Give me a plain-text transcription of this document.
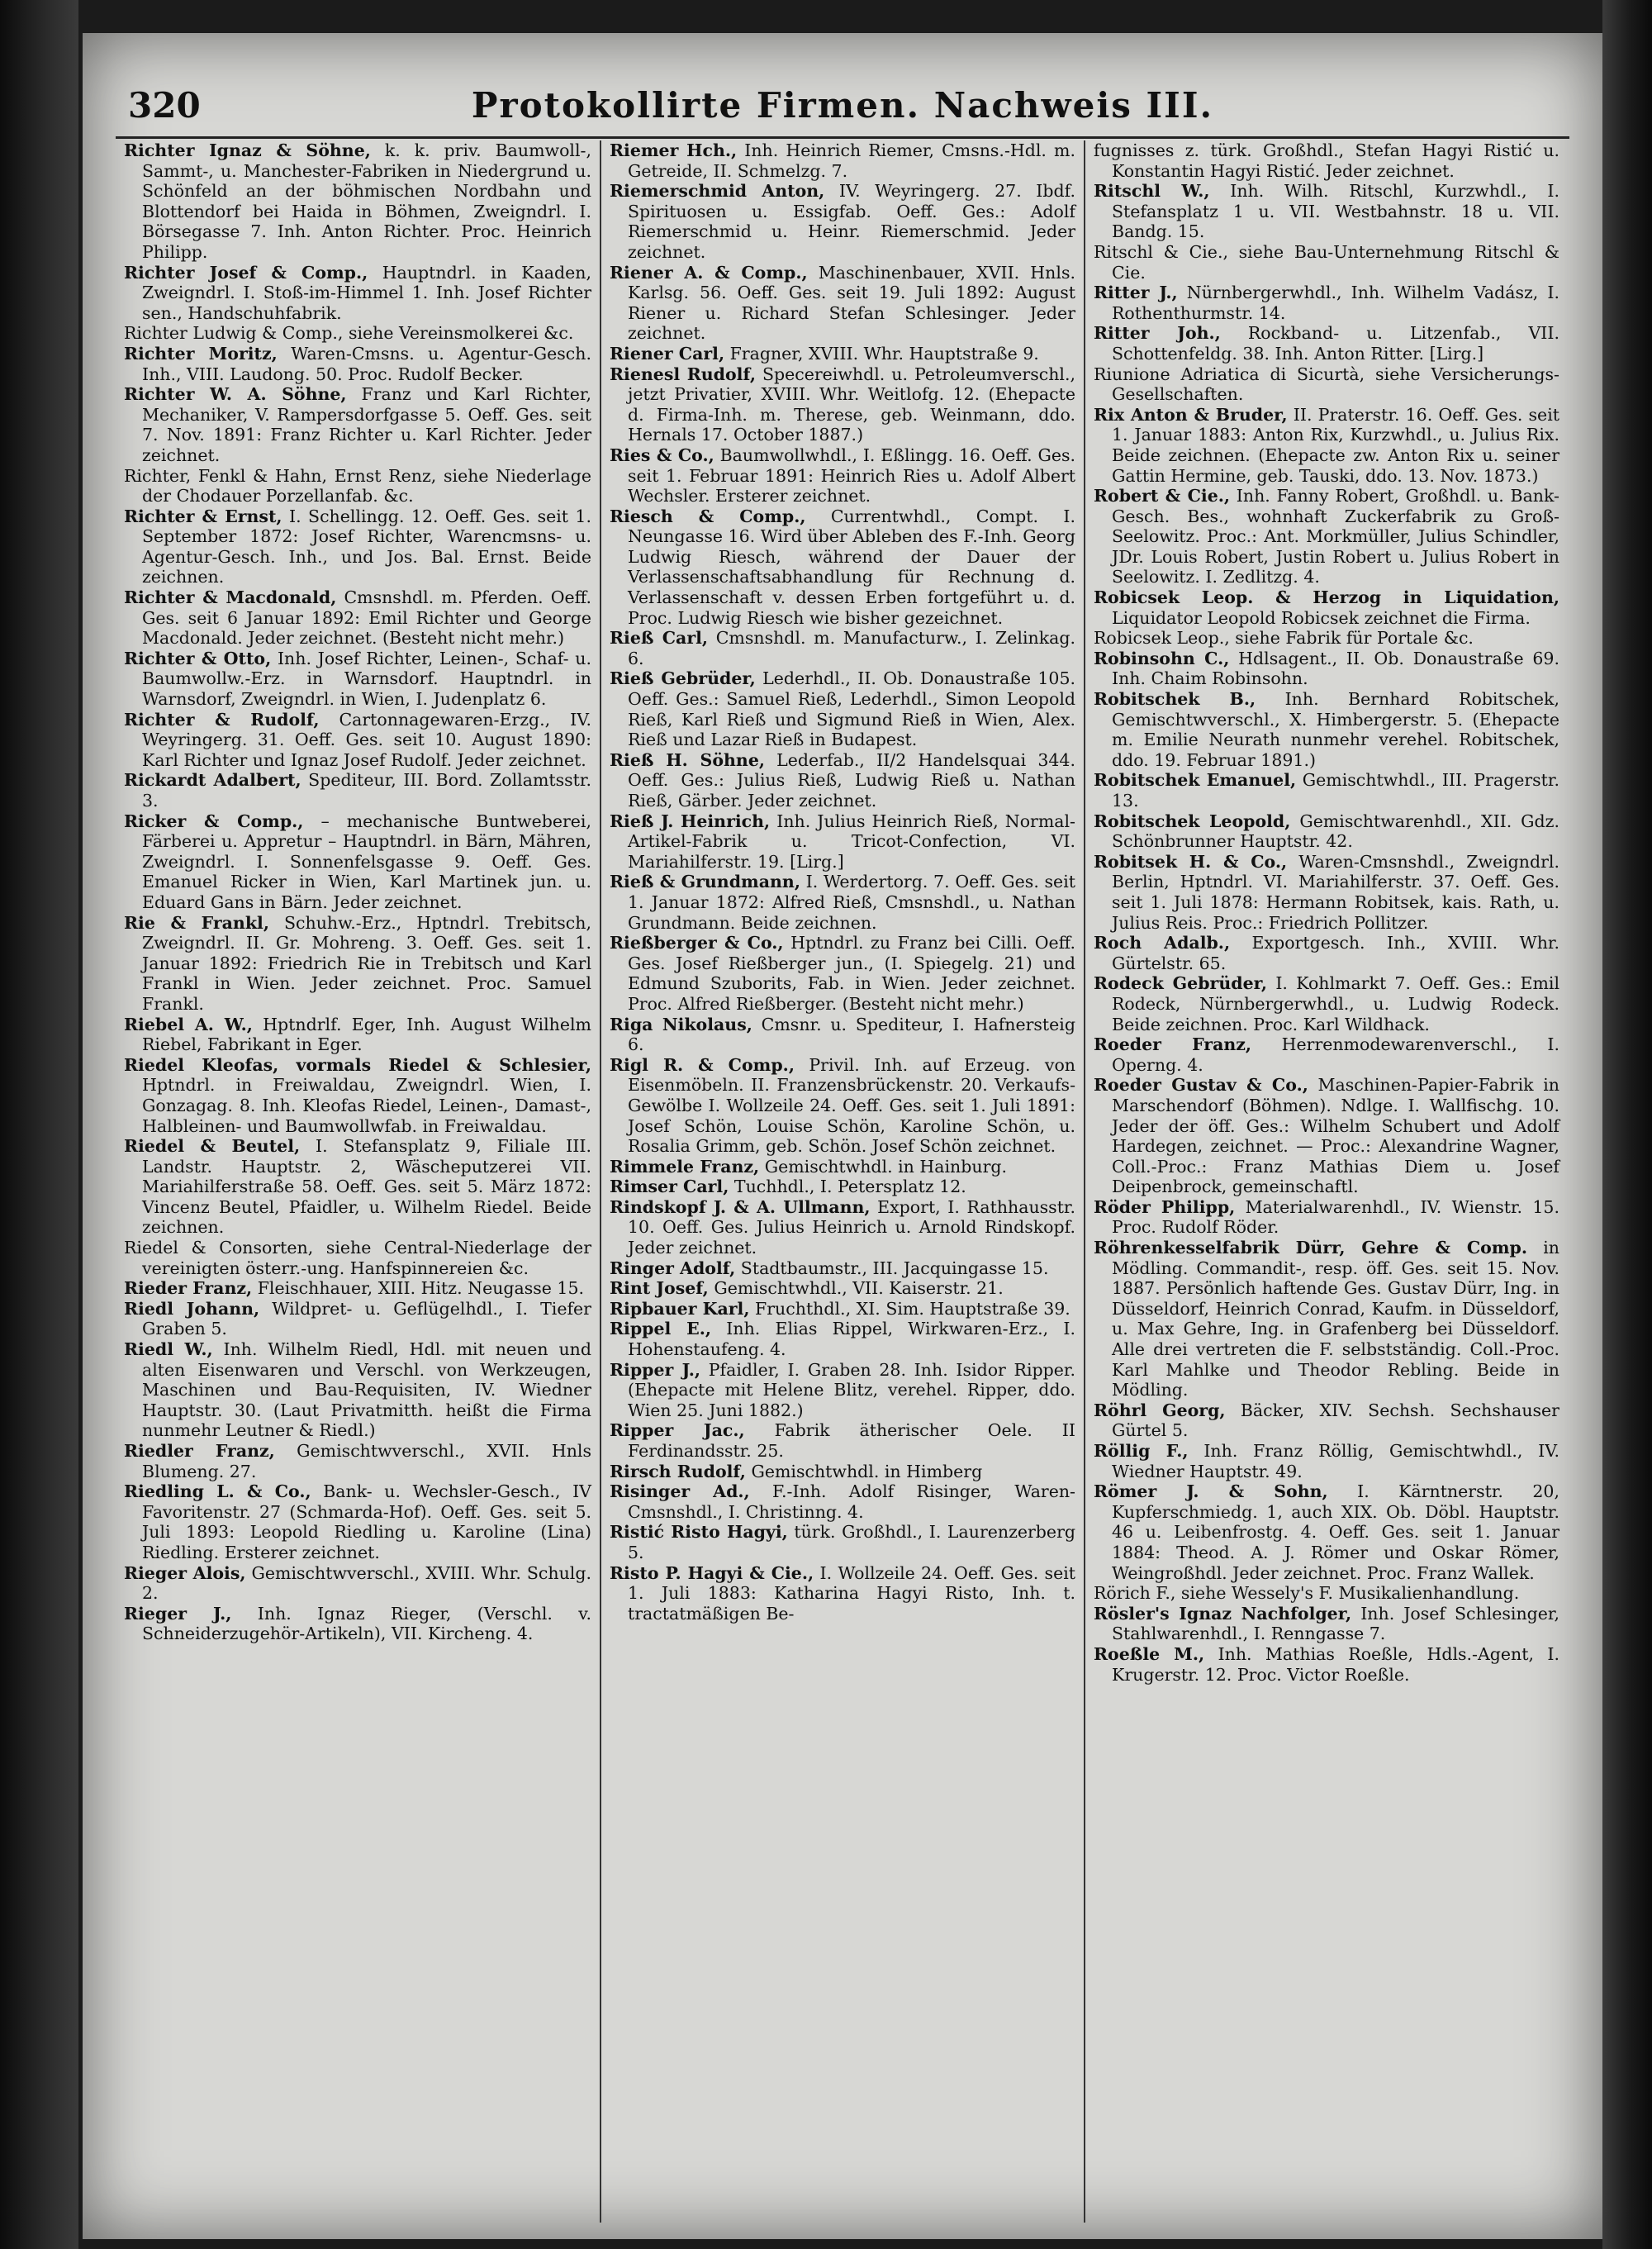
320	Protokollirte Firmen. Nachweis III.

Richter Ignaz & Söhne, k. k. priv. Baumwoll-, Sammt-, u. Manchester-Fabriken in Niedergrund u. Schönfeld an der böhmischen Nordbahn und Blottendorf bei Haida in Böhmen, Zweigndrl. I. Börsegasse 7. Inh. Anton Richter. Proc. Heinrich Philipp.

Richter Josef & Comp., Hauptndrl. in Kaaden, Zweigndrl. I. Stoß-im-Himmel 1. Inh. Josef Richter sen., Handschuhfabrik.

Richter Ludwig & Comp., siehe Vereinsmolkerei &c.

Richter Moritz, Waren-Cmsns. u. Agentur-Gesch. Inh., VIII. Laudong. 50. Proc. Rudolf Becker.

Richter W. A. Söhne, Franz und Karl Richter, Mechaniker, V. Rampersdorfgasse 5. Oeff. Ges. seit 7. Nov. 1891: Franz Richter u. Karl Richter. Jeder zeichnet.

Richter, Fenkl & Hahn, Ernst Renz, siehe Niederlage der Chodauer Porzellanfab. &c.

Richter & Ernst, I. Schellingg. 12. Oeff. Ges. seit 1. September 1872: Josef Richter, Warencmsns- u. Agentur-Gesch. Inh., und Jos. Bal. Ernst. Beide zeichnen.

Richter & Macdonald, Cmsnshdl. m. Pferden. Oeff. Ges. seit 6 Januar 1892: Emil Richter und George Macdonald. Jeder zeichnet. (Besteht nicht mehr.)

Richter & Otto, Inh. Josef Richter, Leinen-, Schaf- u. Baumwollw.-Erz. in Warnsdorf. Hauptndrl. in Warnsdorf, Zweigndrl. in Wien, I. Judenplatz 6.

Richter & Rudolf, Cartonnagewaren-Erzg., IV. Weyringerg. 31. Oeff. Ges. seit 10. August 1890: Karl Richter und Ignaz Josef Rudolf. Jeder zeichnet.

Rickardt Adalbert, Spediteur, III. Bord. Zollamtsstr. 3.

Ricker & Comp., – mechanische Buntweberei, Färberei u. Appretur – Hauptndrl. in Bärn, Mähren, Zweigndrl. I. Sonnenfelsgasse 9. Oeff. Ges. Emanuel Ricker in Wien, Karl Martinek jun. u. Eduard Gans in Bärn. Jeder zeichnet.

Rie & Frankl, Schuhw.-Erz., Hptndrl. Trebitsch, Zweigndrl. II. Gr. Mohreng. 3. Oeff. Ges. seit 1. Januar 1892: Friedrich Rie in Trebitsch und Karl Frankl in Wien. Jeder zeichnet. Proc. Samuel Frankl.

Riebel A. W., Hptndrlf. Eger, Inh. August Wilhelm Riebel, Fabrikant in Eger.

Riedel Kleofas, vormals Riedel & Schlesier, Hptndrl. in Freiwaldau, Zweigndrl. Wien, I. Gonzagag. 8. Inh. Kleofas Riedel, Leinen-, Damast-, Halbleinen- und Baumwollwfab. in Freiwaldau.

Riedel & Beutel, I. Stefansplatz 9, Filiale III. Landstr. Hauptstr. 2, Wäscheputzerei VII. Mariahilferstraße 58. Oeff. Ges. seit 5. März 1872: Vincenz Beutel, Pfaidler, u. Wilhelm Riedel. Beide zeichnen.

Riedel & Consorten, siehe Central-Niederlage der vereinigten österr.-ung. Hanfspinnereien &c.

Rieder Franz, Fleischhauer, XIII. Hitz. Neugasse 15.

Riedl Johann, Wildpret- u. Geflügelhdl., I. Tiefer Graben 5.

Riedl W., Inh. Wilhelm Riedl, Hdl. mit neuen und alten Eisenwaren und Verschl. von Werkzeugen, Maschinen und Bau-Requisiten, IV. Wiedner Hauptstr. 30. (Laut Privatmitth. heißt die Firma nunmehr Leutner & Riedl.)

Riedler Franz, Gemischtwverschl., XVII. Hnls Blumeng. 27.

Riedling L. & Co., Bank- u. Wechsler-Gesch., IV Favoritenstr. 27 (Schmarda-Hof). Oeff. Ges. seit 5. Juli 1893: Leopold Riedling u. Karoline (Lina) Riedling. Ersterer zeichnet.

Rieger Alois, Gemischtwverschl., XVIII. Whr. Schulg. 2.

Rieger J., Inh. Ignaz Rieger, (Verschl. v. Schneiderzugehör-Artikeln), VII. Kircheng. 4.

Riemer Hch., Inh. Heinrich Riemer, Cmsns.-Hdl. m. Getreide, II. Schmelzg. 7.

Riemerschmid Anton, IV. Weyringerg. 27. Ibdf. Spirituosen u. Essigfab. Oeff. Ges.: Adolf Riemerschmid u. Heinr. Riemerschmid. Jeder zeichnet.

Riener A. & Comp., Maschinenbauer, XVII. Hnls. Karlsg. 56. Oeff. Ges. seit 19. Juli 1892: August Riener u. Richard Stefan Schlesinger. Jeder zeichnet.

Riener Carl, Fragner, XVIII. Whr. Hauptstraße 9.

Rienesl Rudolf, Specereiwhdl. u. Petroleumverschl., jetzt Privatier, XVIII. Whr. Weitlofg. 12. (Ehepacte d. Firma-Inh. m. Therese, geb. Weinmann, ddo. Hernals 17. October 1887.)

Ries & Co., Baumwollwhdl., I. Eßlingg. 16. Oeff. Ges. seit 1. Februar 1891: Heinrich Ries u. Adolf Albert Wechsler. Ersterer zeichnet.

Riesch & Comp., Currentwhdl., Compt. I. Neungasse 16. Wird über Ableben des F.-Inh. Georg Ludwig Riesch, während der Dauer der Verlassenschaftsabhandlung für Rechnung d. Verlassenschaft v. dessen Erben fortgeführt u. d. Proc. Ludwig Riesch wie bisher gezeichnet.

Rieß Carl, Cmsnshdl. m. Manufacturw., I. Zelinkag. 6.

Rieß Gebrüder, Lederhdl., II. Ob. Donaustraße 105. Oeff. Ges.: Samuel Rieß, Lederhdl., Simon Leopold Rieß, Karl Rieß und Sigmund Rieß in Wien, Alex. Rieß und Lazar Rieß in Budapest.

Rieß H. Söhne, Lederfab., II/2 Handelsquai 344. Oeff. Ges.: Julius Rieß, Ludwig Rieß u. Nathan Rieß, Gärber. Jeder zeichnet.

Rieß J. Heinrich, Inh. Julius Heinrich Rieß, Normal-Artikel-Fabrik u. Tricot-Confection, VI. Mariahilferstr. 19. [Lirg.]

Rieß & Grundmann, I. Werdertorg. 7. Oeff. Ges. seit 1. Januar 1872: Alfred Rieß, Cmsnshdl., u. Nathan Grundmann. Beide zeichnen.

Rießberger & Co., Hptndrl. zu Franz bei Cilli. Oeff. Ges. Josef Rießberger jun., (I. Spiegelg. 21) und Edmund Szuborits, Fab. in Wien. Jeder zeichnet. Proc. Alfred Rießberger. (Besteht nicht mehr.)

Riga Nikolaus, Cmsnr. u. Spediteur, I. Hafnersteig 6.

Rigl R. & Comp., Privil. Inh. auf Erzeug. von Eisenmöbeln. II. Franzensbrückenstr. 20. Verkaufs-Gewölbe I. Wollzeile 24. Oeff. Ges. seit 1. Juli 1891: Josef Schön, Louise Schön, Karoline Schön, u. Rosalia Grimm, geb. Schön. Josef Schön zeichnet.

Rimmele Franz, Gemischtwhdl. in Hainburg.

Rimser Carl, Tuchhdl., I. Petersplatz 12.

Rindskopf J. & A. Ullmann, Export, I. Rathhausstr. 10. Oeff. Ges. Julius Heinrich u. Arnold Rindskopf. Jeder zeichnet.

Ringer Adolf, Stadtbaumstr., III. Jacquingasse 15.

Rint Josef, Gemischtwhdl., VII. Kaiserstr. 21.

Ripbauer Karl, Fruchthdl., XI. Sim. Hauptstraße 39.

Rippel E., Inh. Elias Rippel, Wirkwaren-Erz., I. Hohenstaufeng. 4.

Ripper J., Pfaidler, I. Graben 28. Inh. Isidor Ripper. (Ehepacte mit Helene Blitz, verehel. Ripper, ddo. Wien 25. Juni 1882.)

Ripper Jac., Fabrik ätherischer Oele. II Ferdinandsstr. 25.

Rirsch Rudolf, Gemischtwhdl. in Himberg

Risinger Ad., F.-Inh. Adolf Risinger, Waren-Cmsnshdl., I. Christinng. 4.

Ristić Risto Hagyi, türk. Großhdl., I. Laurenzerberg 5.

Risto P. Hagyi & Cie., I. Wollzeile 24. Oeff. Ges. seit 1. Juli 1883: Katharina Hagyi Risto, Inh. t. tractatmäßigen Be-

fugnisses z. türk. Großhdl., Stefan Hagyi Ristić u. Konstantin Hagyi Ristić. Jeder zeichnet.

Ritschl W., Inh. Wilh. Ritschl, Kurzwhdl., I. Stefansplatz 1 u. VII. Westbahnstr. 18 u. VII. Bandg. 15.

Ritschl & Cie., siehe Bau-Unternehmung Ritschl & Cie.

Ritter J., Nürnbergerwhdl., Inh. Wilhelm Vadász, I. Rothenthurmstr. 14.

Ritter Joh., Rockband- u. Litzenfab., VII. Schottenfeldg. 38. Inh. Anton Ritter. [Lirg.]

Riunione Adriatica di Sicurtà, siehe Versicherungs-Gesellschaften.

Rix Anton & Bruder, II. Praterstr. 16. Oeff. Ges. seit 1. Januar 1883: Anton Rix, Kurzwhdl., u. Julius Rix. Beide zeichnen. (Ehepacte zw. Anton Rix u. seiner Gattin Hermine, geb. Tauski, ddo. 13. Nov. 1873.)

Robert & Cie., Inh. Fanny Robert, Großhdl. u. Bank-Gesch. Bes., wohnhaft Zuckerfabrik zu Groß-Seelowitz. Proc.: Ant. Morkmüller, Julius Schindler, JDr. Louis Robert, Justin Robert u. Julius Robert in Seelowitz. I. Zedlitzg. 4.

Robicsek Leop. & Herzog in Liquidation, Liquidator Leopold Robicsek zeichnet die Firma.

Robicsek Leop., siehe Fabrik für Portale &c.

Robinsohn C., Hdlsagent., II. Ob. Donaustraße 69. Inh. Chaim Robinsohn.

Robitschek B., Inh. Bernhard Robitschek, Gemischtwverschl., X. Himbergerstr. 5. (Ehepacte m. Emilie Neurath nunmehr verehel. Robitschek, ddo. 19. Februar 1891.)

Robitschek Emanuel, Gemischtwhdl., III. Pragerstr. 13.

Robitschek Leopold, Gemischtwarenhdl., XII. Gdz. Schönbrunner Hauptstr. 42.

Robitsek H. & Co., Waren-Cmsnshdl., Zweigndrl. Berlin, Hptndrl. VI. Mariahilferstr. 37. Oeff. Ges. seit 1. Juli 1878: Hermann Robitsek, kais. Rath, u. Julius Reis. Proc.: Friedrich Pollitzer.

Roch Adalb., Exportgesch. Inh., XVIII. Whr. Gürtelstr. 65.

Rodeck Gebrüder, I. Kohlmarkt 7. Oeff. Ges.: Emil Rodeck, Nürnbergerwhdl., u. Ludwig Rodeck. Beide zeichnen. Proc. Karl Wildhack.

Roeder Franz, Herrenmodewarenverschl., I. Operng. 4.

Roeder Gustav & Co., Maschinen-Papier-Fabrik in Marschendorf (Böhmen). Ndlge. I. Wallfischg. 10. Jeder der öff. Ges.: Wilhelm Schubert und Adolf Hardegen, zeichnet. — Proc.: Alexandrine Wagner, Coll.-Proc.: Franz Mathias Diem u. Josef Deipenbrock, gemeinschaftl.

Röder Philipp, Materialwarenhdl., IV. Wienstr. 15. Proc. Rudolf Röder.

Röhrenkesselfabrik Dürr, Gehre & Comp. in Mödling. Commandit-, resp. öff. Ges. seit 15. Nov. 1887. Persönlich haftende Ges. Gustav Dürr, Ing. in Düsseldorf, Heinrich Conrad, Kaufm. in Düsseldorf, u. Max Gehre, Ing. in Grafenberg bei Düsseldorf. Alle drei vertreten die F. selbstständig. Coll.-Proc. Karl Mahlke und Theodor Rebling. Beide in Mödling.

Röhrl Georg, Bäcker, XIV. Sechsh. Sechshauser Gürtel 5.

Röllig F., Inh. Franz Röllig, Gemischtwhdl., IV. Wiedner Hauptstr. 49.

Römer J. & Sohn, I. Kärntnerstr. 20, Kupferschmiedg. 1, auch XIX. Ob. Döbl. Hauptstr. 46 u. Leibenfrostg. 4. Oeff. Ges. seit 1. Januar 1884: Theod. A. J. Römer und Oskar Römer, Weingroßhdl. Jeder zeichnet. Proc. Franz Wallek.

Rörich F., siehe Wessely's F. Musikalienhandlung.

Rösler's Ignaz Nachfolger, Inh. Josef Schlesinger, Stahlwarenhdl., I. Renngasse 7.

Roeßle M., Inh. Mathias Roeßle, Hdls.-Agent, I. Krugerstr. 12. Proc. Victor Roeßle.
